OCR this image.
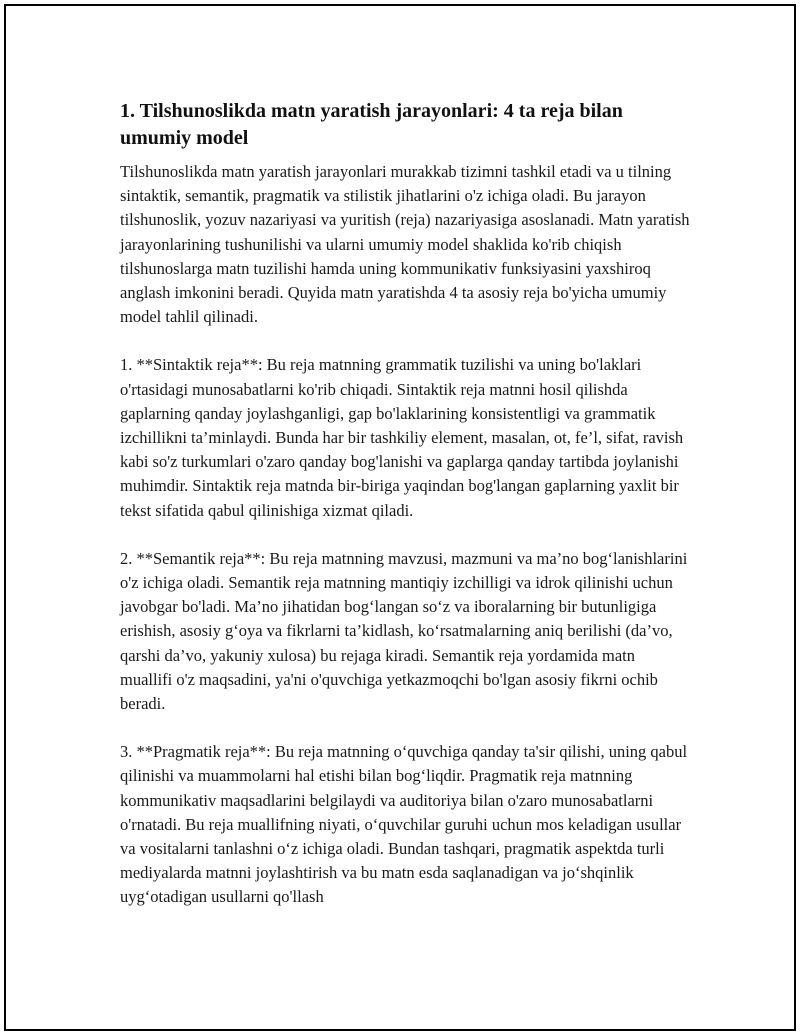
1. Tilshunoslikda matn yaratish jarayonlari: 4 ta reja bilan umumiy model

Tilshunoslikda matn yaratish jarayonlari murakkab tizimni tashkil etadi va u tilning sintaktik, semantik, pragmatik va stilistik jihatlarini o'z ichiga oladi. Bu jarayon tilshunoslik, yozuv nazariyasi va yuritish (reja) nazariyasiga asoslanadi. Matn yaratish jarayonlarining tushunilishi va ularni umumiy model shaklida ko'rib chiqish tilshunoslarga matn tuzilishi hamda uning kommunikativ funksiyasini yaxshiroq anglash imkonini beradi. Quyida matn yaratishda 4 ta asosiy reja bo'yicha umumiy model tahlil qilinadi.

1. **Sintaktik reja**: Bu reja matnning grammatik tuzilishi va uning bo'laklari o'rtasidagi munosabatlarni ko'rib chiqadi. Sintaktik reja matnni hosil qilishda gaplarning qanday joylashganligi, gap bo'laklarining konsistentligi va grammatik izchillikni ta’minlaydi. Bunda har bir tashkiliy element, masalan, ot, fe’l, sifat, ravish kabi so'z turkumlari o'zaro qanday bog'lanishi va gaplarga qanday tartibda joylanishi muhimdir. Sintaktik reja matnda bir-biriga yaqindan bog'langan gaplarning yaxlit bir tekst sifatida qabul qilinishiga xizmat qiladi.

2. **Semantik reja**: Bu reja matnning mavzusi, mazmuni va ma’no bog‘lanishlarini o'z ichiga oladi. Semantik reja matnning mantiqiy izchilligi va idrok qilinishi uchun javobgar bo'ladi. Ma’no jihatidan bog‘langan so‘z va iboralarning bir butunligiga erishish, asosiy g‘oya va fikrlarni ta’kidlash, ko‘rsatmalarning aniq berilishi (da’vo, qarshi da’vo, yakuniy xulosa) bu rejaga kiradi. Semantik reja yordamida matn muallifi o'z maqsadini, ya'ni o'quvchiga yetkazmoqchi bo'lgan asosiy fikrni ochib beradi.

3. **Pragmatik reja**: Bu reja matnning o‘quvchiga qanday ta'sir qilishi, uning qabul qilinishi va muammolarni hal etishi bilan bog‘liqdir. Pragmatik reja matnning kommunikativ maqsadlarini belgilaydi va auditoriya bilan o'zaro munosabatlarni o'rnatadi. Bu reja muallifning niyati, o‘quvchilar guruhi uchun mos keladigan usullar va vositalarni tanlashni o‘z ichiga oladi. Bundan tashqari, pragmatik aspektda turli mediyalarda matnni joylashtirish va bu matn esda saqlanadigan va jo‘shqinlik uyg‘otadigan usullarni qo'llash
